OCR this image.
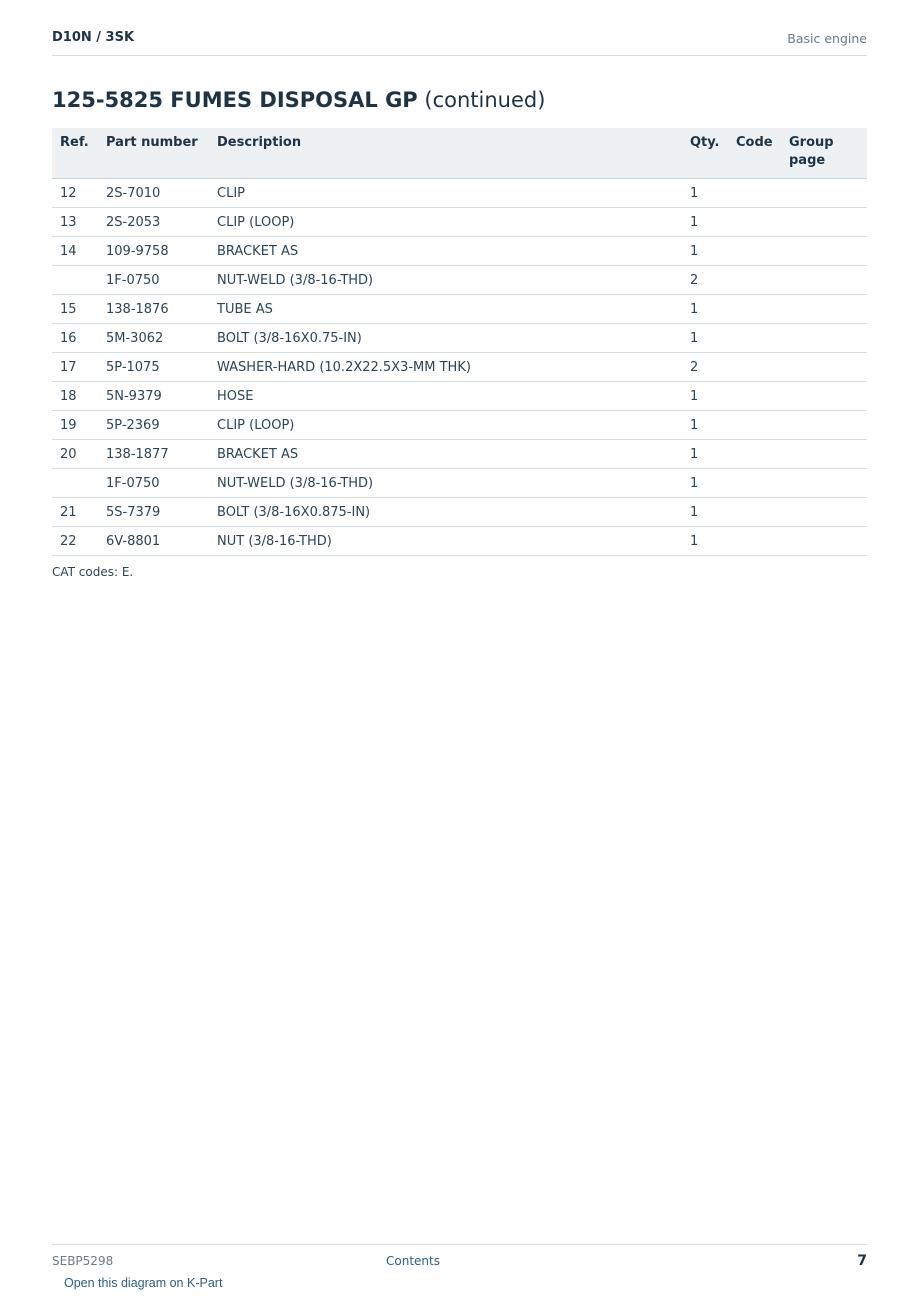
D10N / 3SK	Basic engine
125-5825 FUMES DISPOSAL GP (continued)
Ref.	Part number	Description	Qty.	Code	Group page
12	2S-7010	CLIP	1		
13	2S-2053	CLIP (LOOP)	1		
14	109-9758	BRACKET AS	1		
	1F-0750	NUT-WELD (3/8-16-THD)	2		
15	138-1876	TUBE AS	1		
16	5M-3062	BOLT (3/8-16X0.75-IN)	1		
17	5P-1075	WASHER-HARD (10.2X22.5X3-MM THK)	2		
18	5N-9379	HOSE	1		
19	5P-2369	CLIP (LOOP)	1		
20	138-1877	BRACKET AS	1		
	1F-0750	NUT-WELD (3/8-16-THD)	1		
21	5S-7379	BOLT (3/8-16X0.875-IN)	1		
22	6V-8801	NUT (3/8-16-THD)	1		
CAT codes: E.
SEBP5298	Contents	7
Open this diagram on K-Part
